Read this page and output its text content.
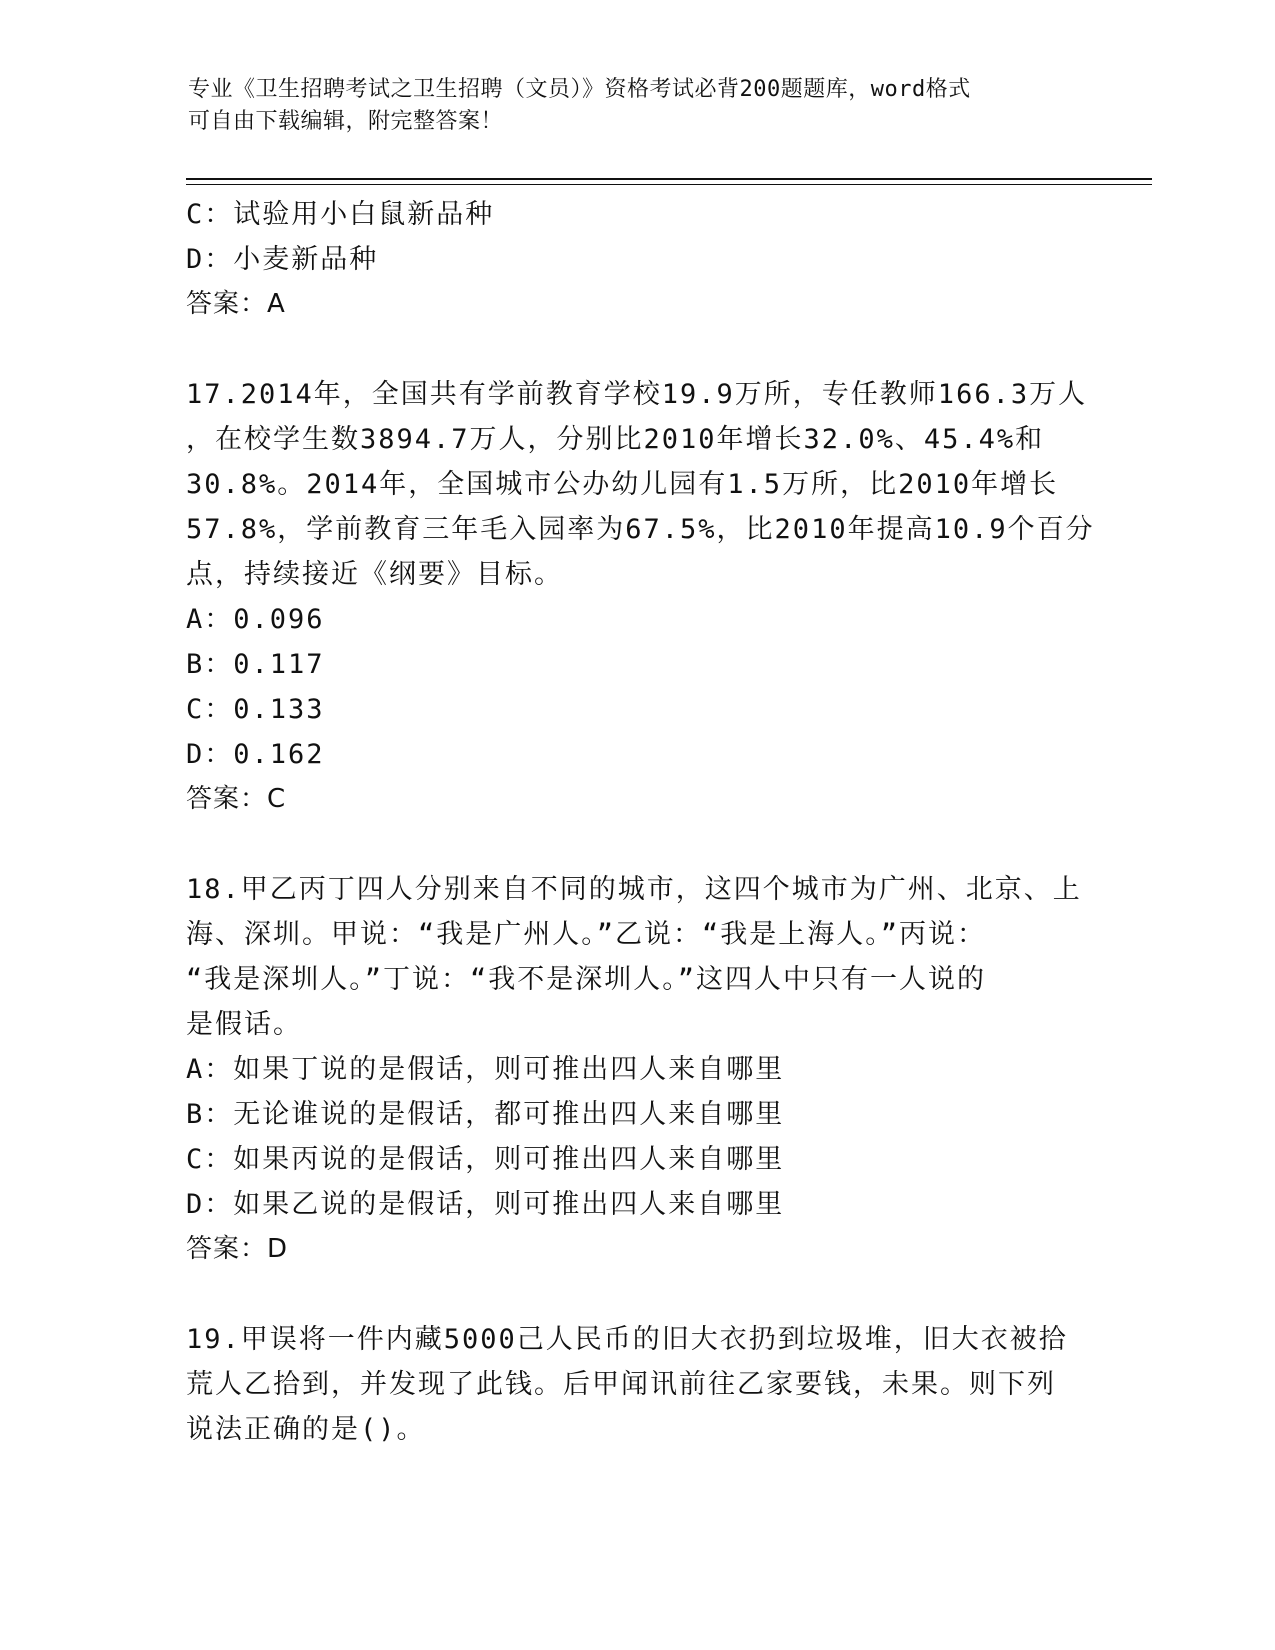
专业《卫生招聘考试之卫生招聘（文员）》资格考试必背200题题库，word格式
可自由下载编辑，附完整答案！
C：试验用小白鼠新品种
D：小麦新品种
答案：A
17.2014年，全国共有学前教育学校19.9万所，专任教师166.3万人
，在校学生数3894.7万人，分别比2010年增长32.0%、45.4%和
30.8%。2014年，全国城市公办幼儿园有1.5万所，比2010年增长
57.8%，学前教育三年毛入园率为67.5%，比2010年提高10.9个百分
点，持续接近《纲要》目标。
A：0.096
B：0.117
C：0.133
D：0.162
答案：C
18.甲乙丙丁四人分别来自不同的城市，这四个城市为广州、北京、上
海、深圳。甲说：“我是广州人。”乙说：“我是上海人。”丙说：
“我是深圳人。”丁说：“我不是深圳人。”这四人中只有一人说的
是假话。
A：如果丁说的是假话，则可推出四人来自哪里
B：无论谁说的是假话，都可推出四人来自哪里
C：如果丙说的是假话，则可推出四人来自哪里
D：如果乙说的是假话，则可推出四人来自哪里
答案：D
19.甲误将一件内藏5000己人民币的旧大衣扔到垃圾堆，旧大衣被拾
荒人乙拾到，并发现了此钱。后甲闻讯前往乙家要钱，未果。则下列
说法正确的是()。
